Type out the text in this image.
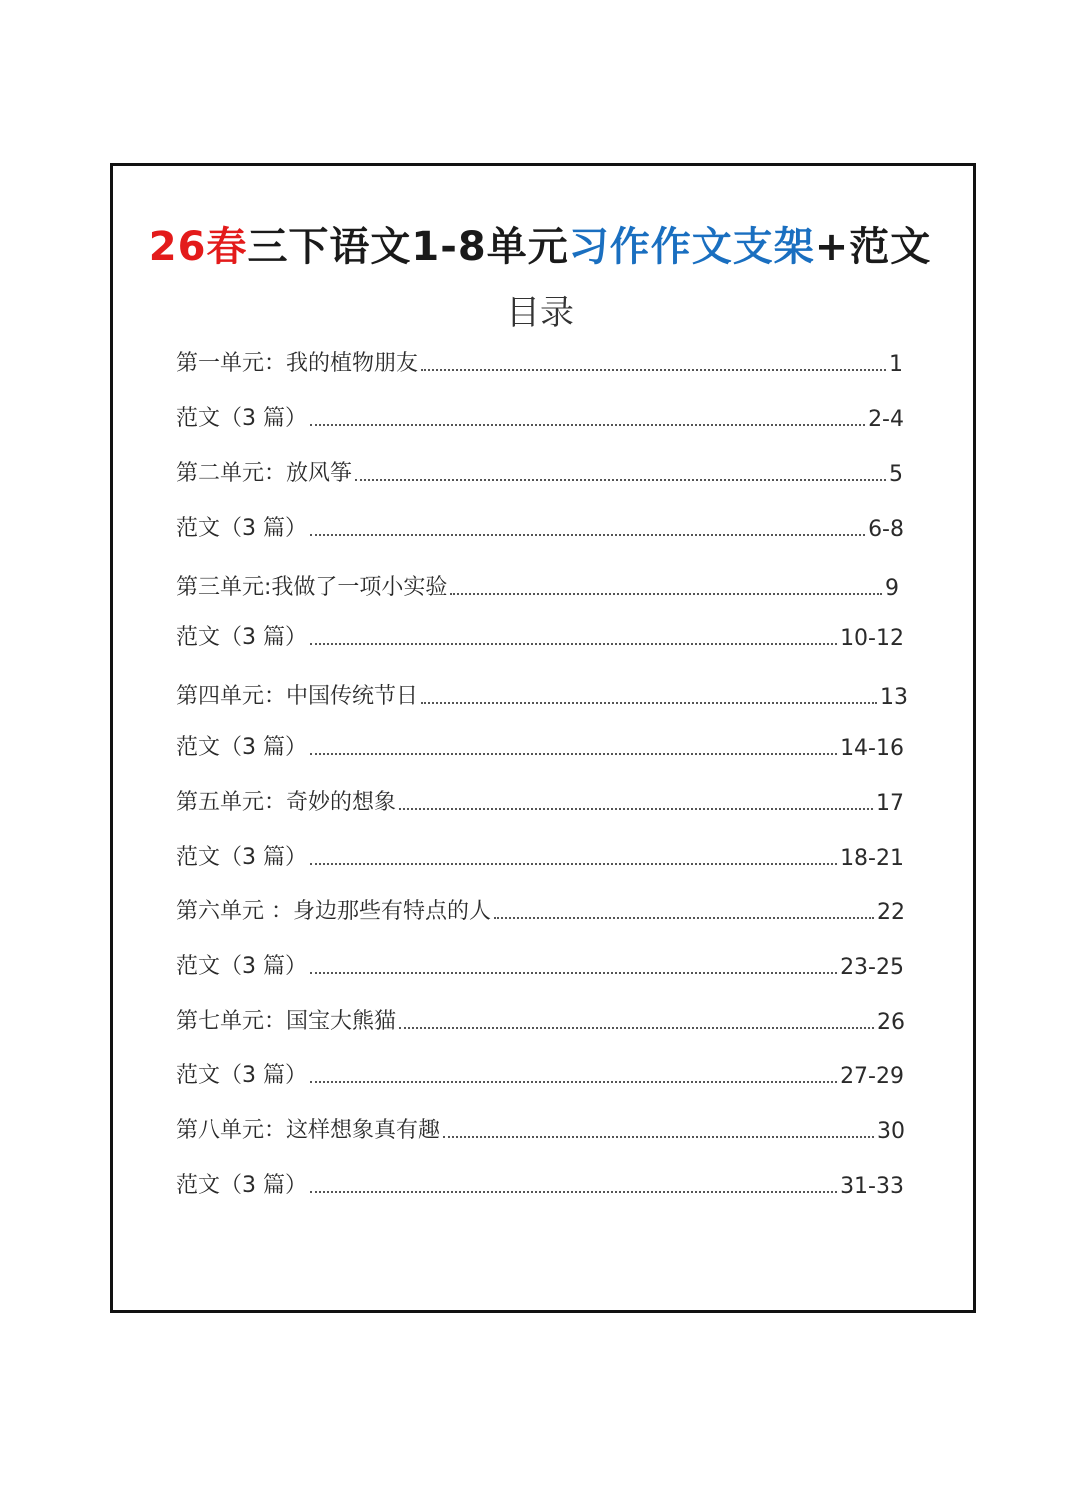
26春三下语文1-8单元习作作文支架+范文
目录
第一单元：我的植物朋友	1
范文（3 篇）	2-4
第二单元：放风筝	5
范文（3 篇）	6-8
第三单元:我做了一项小实验	9
范文（3 篇）	10-12
第四单元：中国传统节日	13
范文（3 篇）	14-16
第五单元：奇妙的想象	17
范文（3 篇）	18-21
第六单元 ：身边那些有特点的人	22
范文（3 篇）	23-25
第七单元：国宝大熊猫	26
范文（3 篇）	27-29
第八单元：这样想象真有趣	30
范文（3 篇）	31-33
